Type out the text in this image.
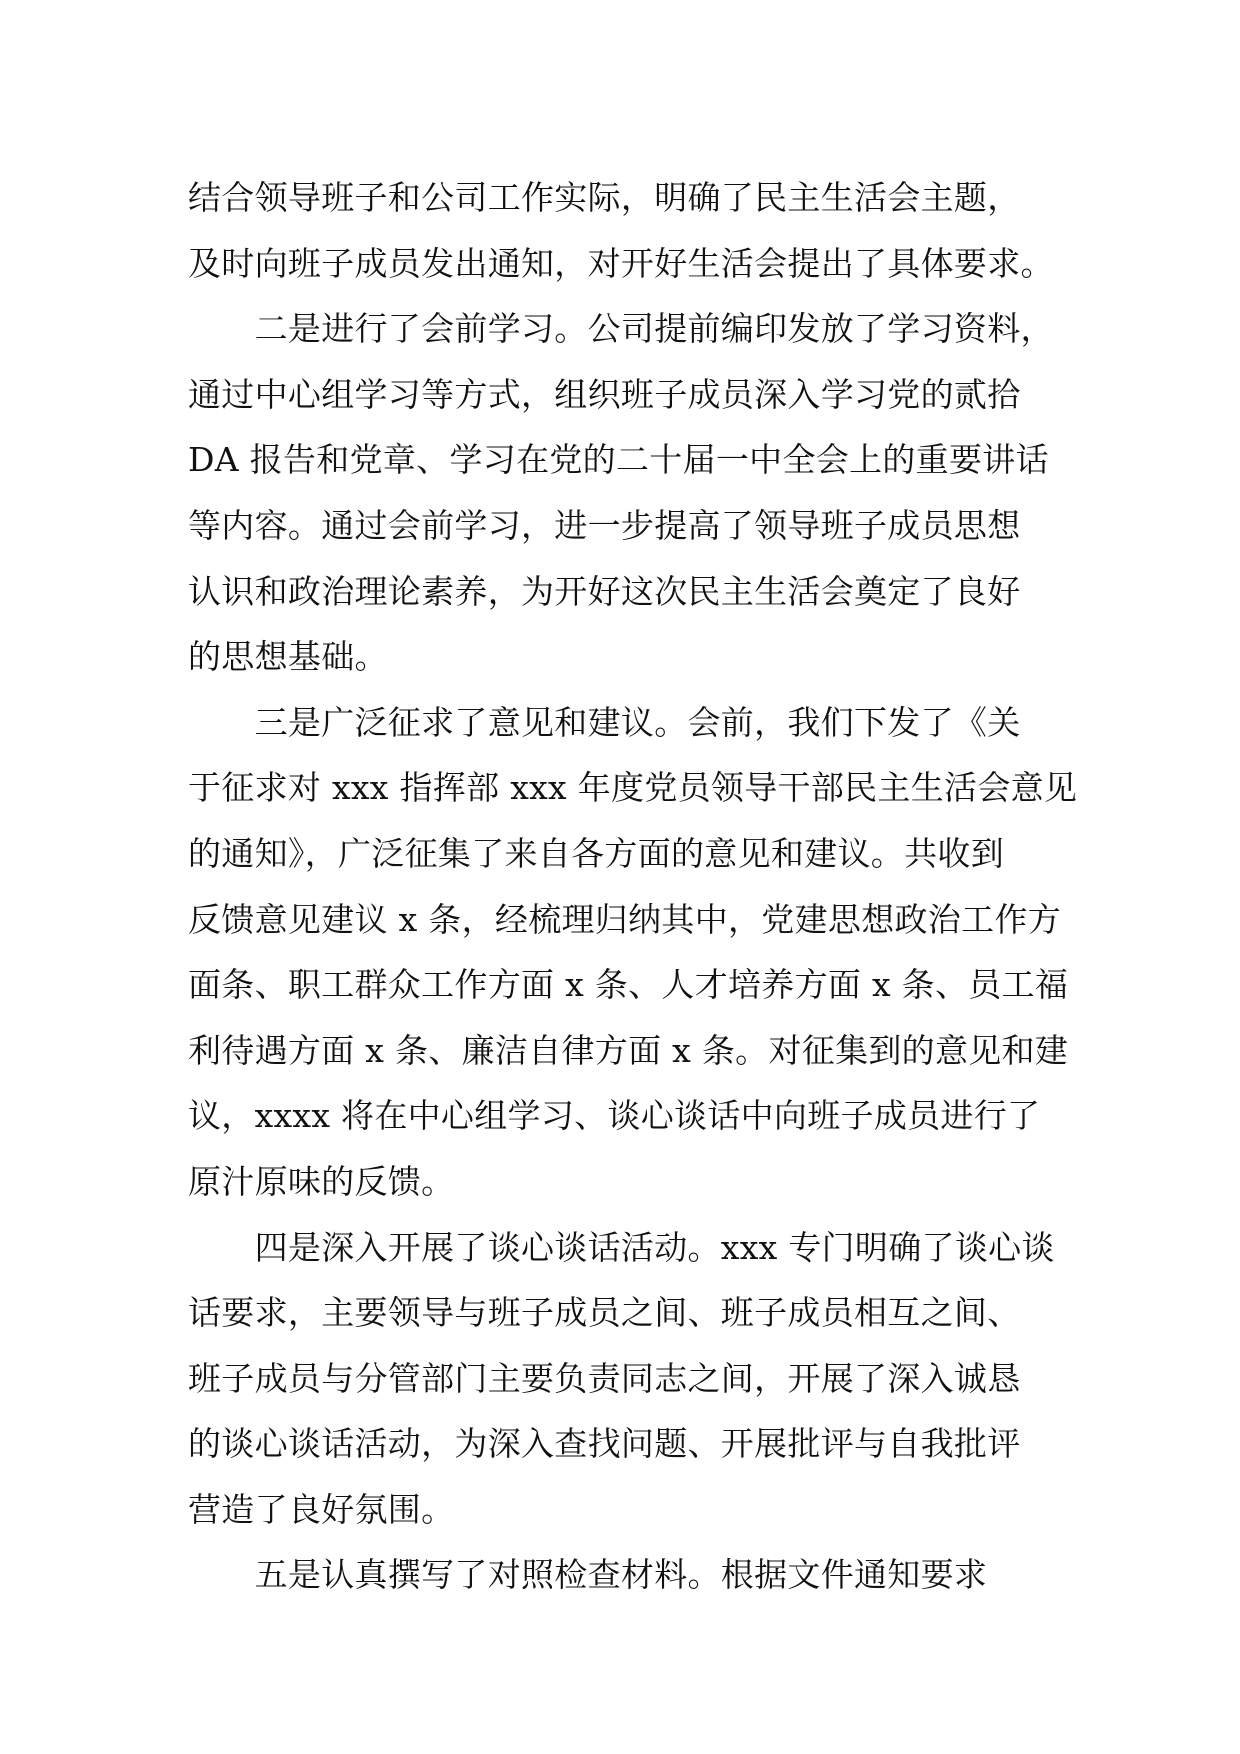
结合领导班子和公司工作实际，明确了民主生活会主题，
及时向班子成员发出通知，对开好生活会提出了具体要求。
　　二是进行了会前学习。公司提前编印发放了学习资料，
通过中心组学习等方式，组织班子成员深入学习党的贰拾
DA 报告和党章、学习在党的二十届一中全会上的重要讲话
等内容。通过会前学习，进一步提高了领导班子成员思想
认识和政治理论素养，为开好这次民主生活会奠定了良好
的思想基础。
　　三是广泛征求了意见和建议。会前，我们下发了《关
于征求对 xxx 指挥部 xxx 年度党员领导干部民主生活会意见
的通知》，广泛征集了来自各方面的意见和建议。共收到
反馈意见建议 x 条，经梳理归纳其中，党建思想政治工作方
面条、职工群众工作方面 x 条、人才培养方面 x 条、员工福
利待遇方面 x 条、廉洁自律方面 x 条。对征集到的意见和建
议，xxxx 将在中心组学习、谈心谈话中向班子成员进行了
原汁原味的反馈。
　　四是深入开展了谈心谈话活动。xxx 专门明确了谈心谈
话要求，主要领导与班子成员之间、班子成员相互之间、
班子成员与分管部门主要负责同志之间，开展了深入诚恳
的谈心谈话活动，为深入查找问题、开展批评与自我批评
营造了良好氛围。
　　五是认真撰写了对照检查材料。根据文件通知要求
